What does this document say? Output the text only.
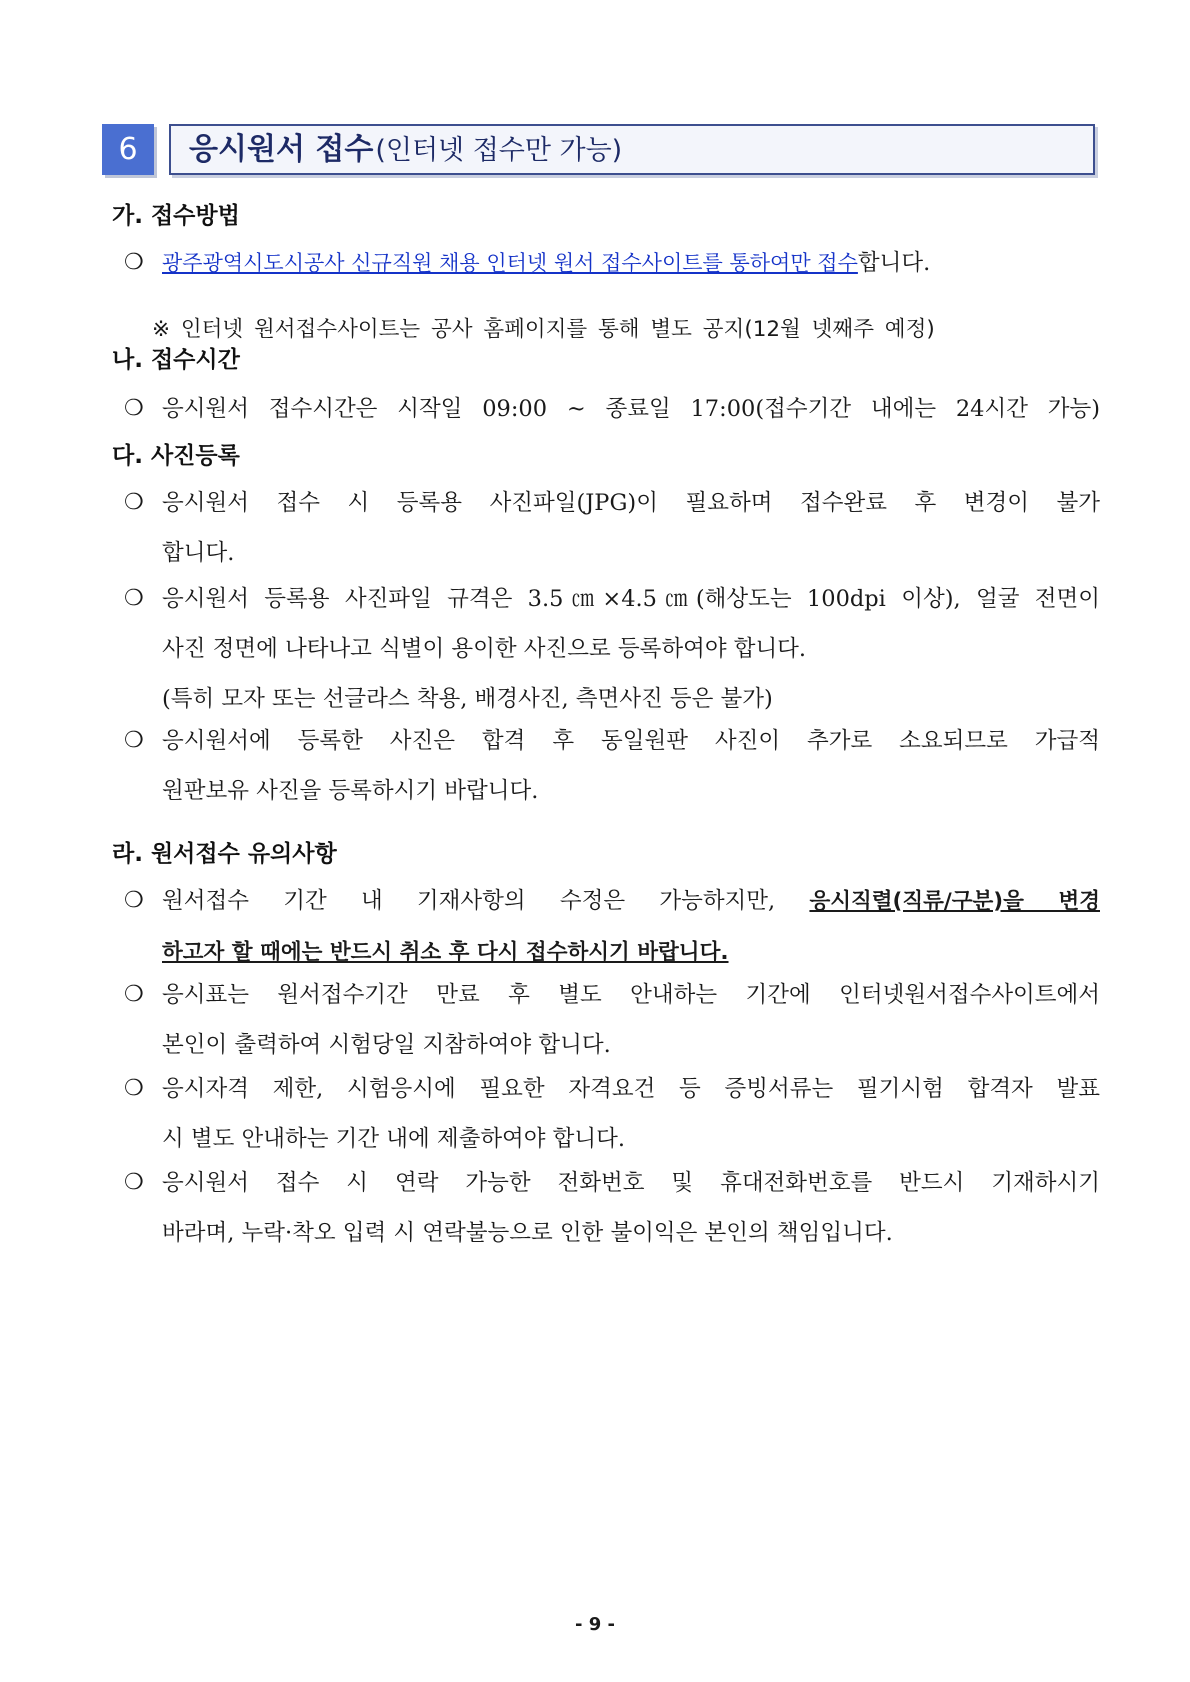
6	응시원서 접수(인터넷 접수만 가능)
가. 접수방법
❍ 광주광역시도시공사 신규직원 채용 인터넷 원서 접수사이트를 통하여만 접수합니다.
※ 인터넷 원서접수사이트는 공사 홈페이지를 통해 별도 공지(12월 넷째주 예정)
나. 접수시간
❍ 응시원서 접수시간은 시작일 09:00 ~ 종료일 17:00(접수기간 내에는 24시간 가능)
다. 사진등록
❍ 응시원서 접수 시 등록용 사진파일(JPG)이 필요하며 접수완료 후 변경이 불가
합니다.
❍ 응시원서 등록용 사진파일 규격은 3.5㎝×4.5㎝(해상도는 100dpi 이상), 얼굴 전면이
사진 정면에 나타나고 식별이 용이한 사진으로 등록하여야 합니다.
(특히 모자 또는 선글라스 착용, 배경사진, 측면사진 등은 불가)
❍ 응시원서에 등록한 사진은 합격 후 동일원판 사진이 추가로 소요되므로 가급적
원판보유 사진을 등록하시기 바랍니다.
라. 원서접수 유의사항
❍ 원서접수 기간 내 기재사항의 수정은 가능하지만, 응시직렬(직류/구분)을 변경
하고자 할 때에는 반드시 취소 후 다시 접수하시기 바랍니다.
❍ 응시표는 원서접수기간 만료 후 별도 안내하는 기간에 인터넷원서접수사이트에서
본인이 출력하여 시험당일 지참하여야 합니다.
❍ 응시자격 제한, 시험응시에 필요한 자격요건 등 증빙서류는 필기시험 합격자 발표
시 별도 안내하는 기간 내에 제출하여야 합니다.
❍ 응시원서 접수 시 연락 가능한 전화번호 및 휴대전화번호를 반드시 기재하시기
바라며, 누락·착오 입력 시 연락불능으로 인한 불이익은 본인의 책임입니다.
- 9 -
